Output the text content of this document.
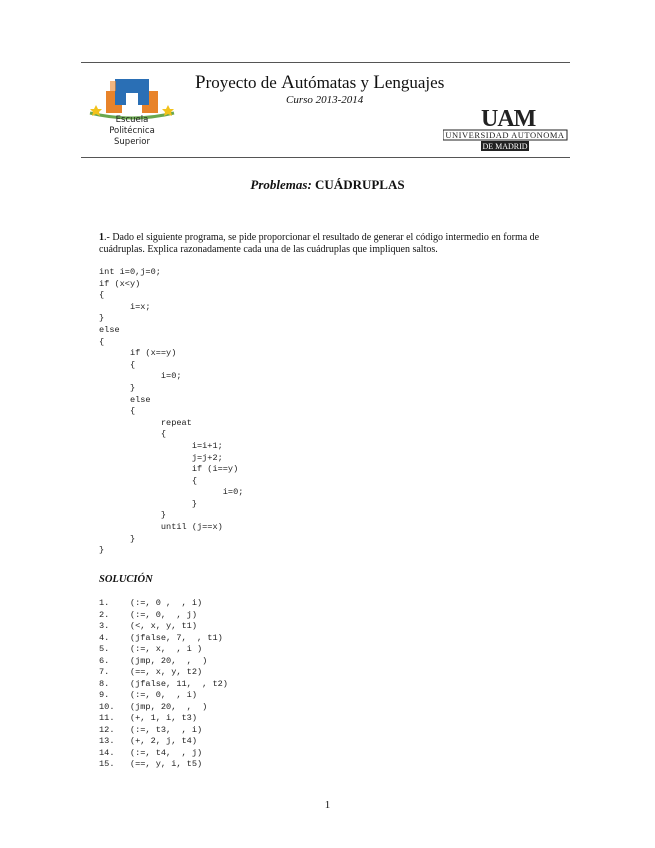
Escuela
Politécnica
Superior
Proyecto de Autómatas y Lenguajes
Curso 2013-2014
UAM
UNIVERSIDAD AUTONOMA
DE MADRID
Problemas: CUÁDRUPLAS
1.- Dado el siguiente programa, se pide proporcionar el resultado de generar el código intermedio en forma de cuádruplas. Explica razonadamente cada una de las cuádruplas que impliquen saltos.
int i=0,j=0;
if (x<y)
{
i=x;
}
else
{
if (x==y)
{
i=0;
}
else
{
repeat
{
i=i+1;
j=j+2;
if (i==y)
{
i=0;
}
}
until (j==x)
}
}
SOLUCIÓN
1.    (:=, 0 ,  , i)
2.    (:=, 0,  , j)
3.    (<, x, y, t1)
4.    (jfalse, 7,  , t1)
5.    (:=, x,  , i )
6.    (jmp, 20,  ,  )
7.    (==, x, y, t2)
8.    (jfalse, 11,  , t2)
9.    (:=, 0,  , i)
10.   (jmp, 20,  ,  )
11.   (+, 1, i, t3)
12.   (:=, t3,  , i)
13.   (+, 2, j, t4)
14.   (:=, t4,  , j)
15.   (==, y, i, t5)
1
